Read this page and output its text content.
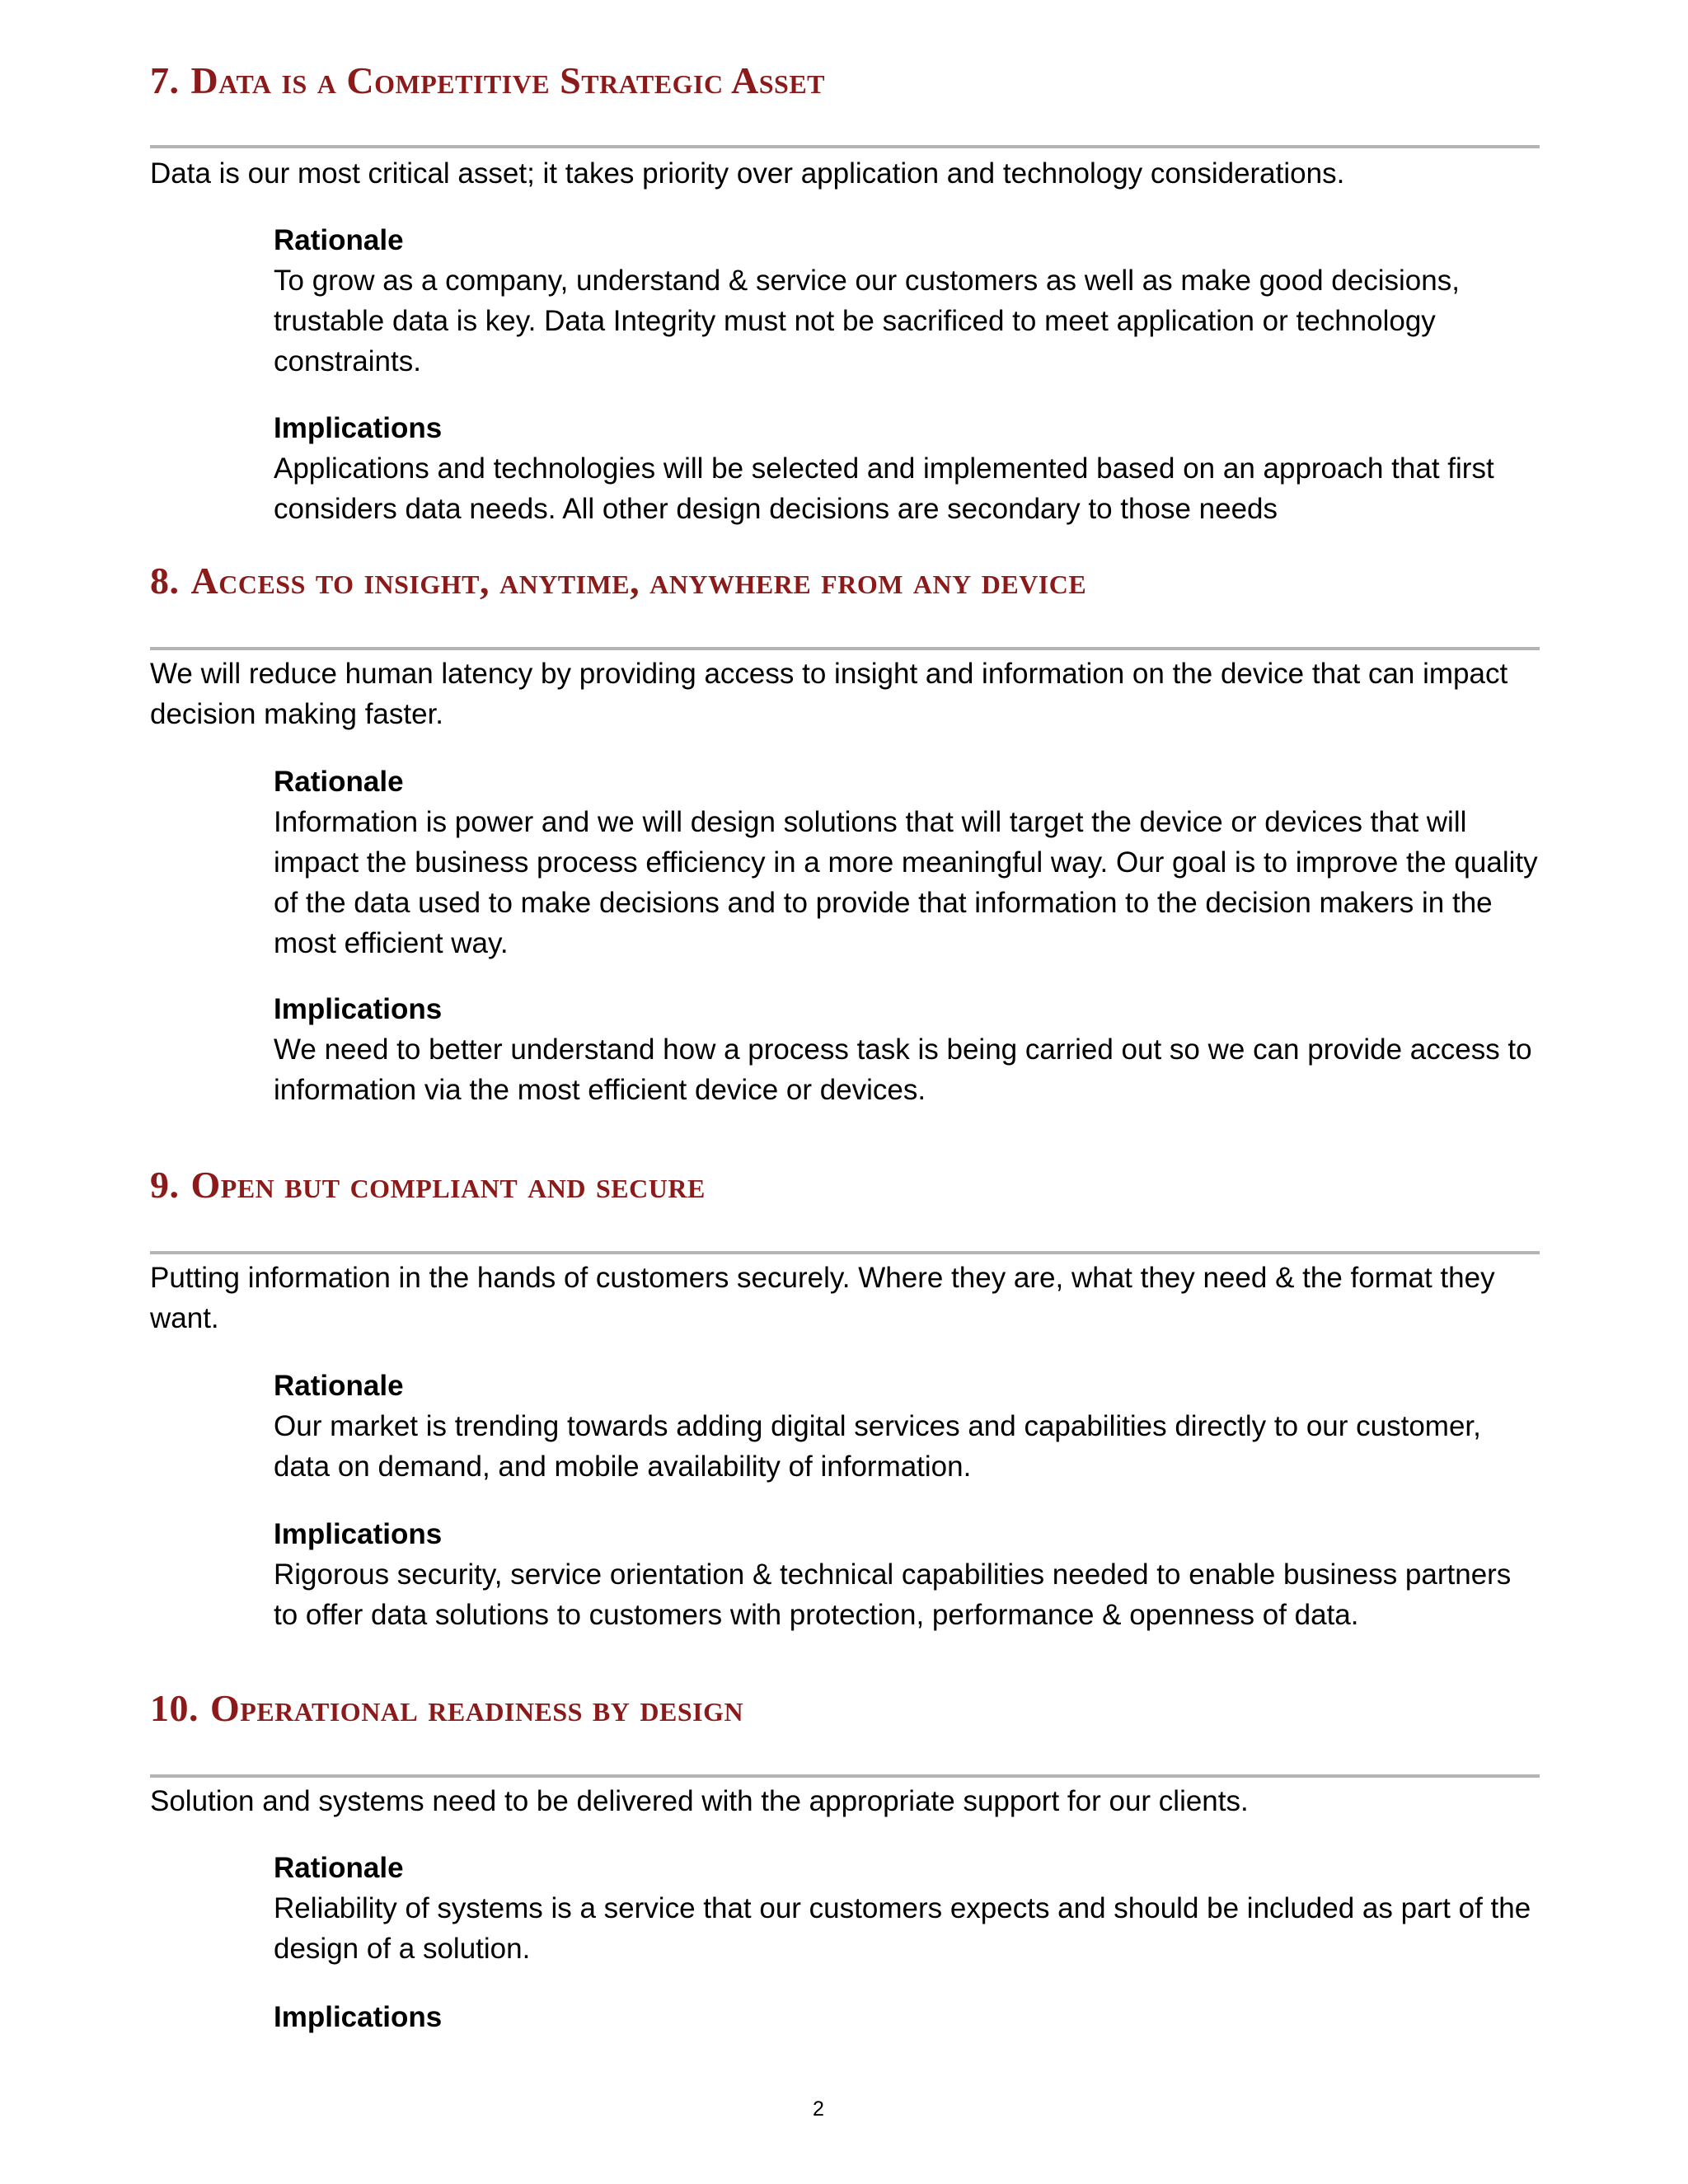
7. Data is a Competitive Strategic Asset

Data is our most critical asset; it takes priority over application and technology considerations.

Rationale

To grow as a company, understand & service our customers as well as make good decisions, trustable data is key. Data Integrity must not be sacrificed to meet application or technology constraints.

Implications

Applications and technologies will be selected and implemented based on an approach that first considers data needs. All other design decisions are secondary to those needs

8. Access to insight, anytime, anywhere from any device

We will reduce human latency by providing access to insight and information on the device that can impact decision making faster.

Rationale

Information is power and we will design solutions that will target the device or devices that will impact the business process efficiency in a more meaningful way. Our goal is to improve the quality of the data used to make decisions and to provide that information to the decision makers in the most efficient way.

Implications

We need to better understand how a process task is being carried out so we can provide access to information via the most efficient device or devices.

9. Open but compliant and secure

Putting information in the hands of customers securely. Where they are, what they need & the format they want.

Rationale

Our market is trending towards adding digital services and capabilities directly to our customer, data on demand, and mobile availability of information.

Implications

Rigorous security, service orientation & technical capabilities needed to enable business partners to offer data solutions to customers with protection, performance & openness of data.

10. Operational readiness by design

Solution and systems need to be delivered with the appropriate support for our clients.

Rationale

Reliability of systems is a service that our customers expects and should be included as part of the design of a solution.

Implications

2
